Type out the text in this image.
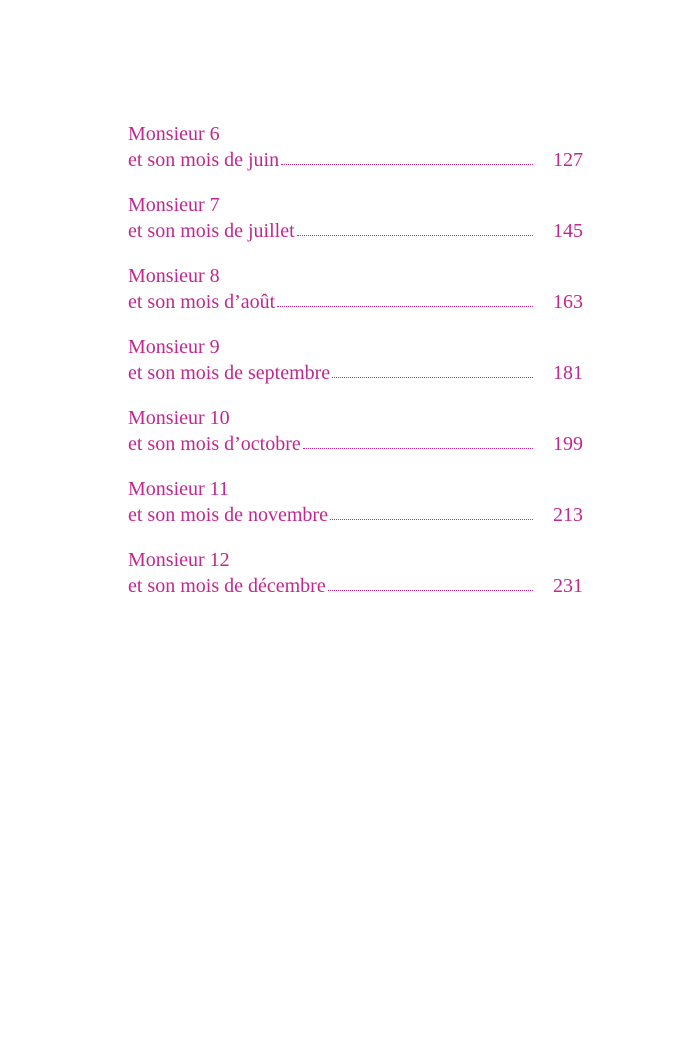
Monsieur 6
et son mois de juin	127
Monsieur 7
et son mois de juillet	145
Monsieur 8
et son mois d’août	163
Monsieur 9
et son mois de septembre	181
Monsieur 10
et son mois d’octobre	199
Monsieur 11
et son mois de novembre	213
Monsieur 12
et son mois de décembre	231
